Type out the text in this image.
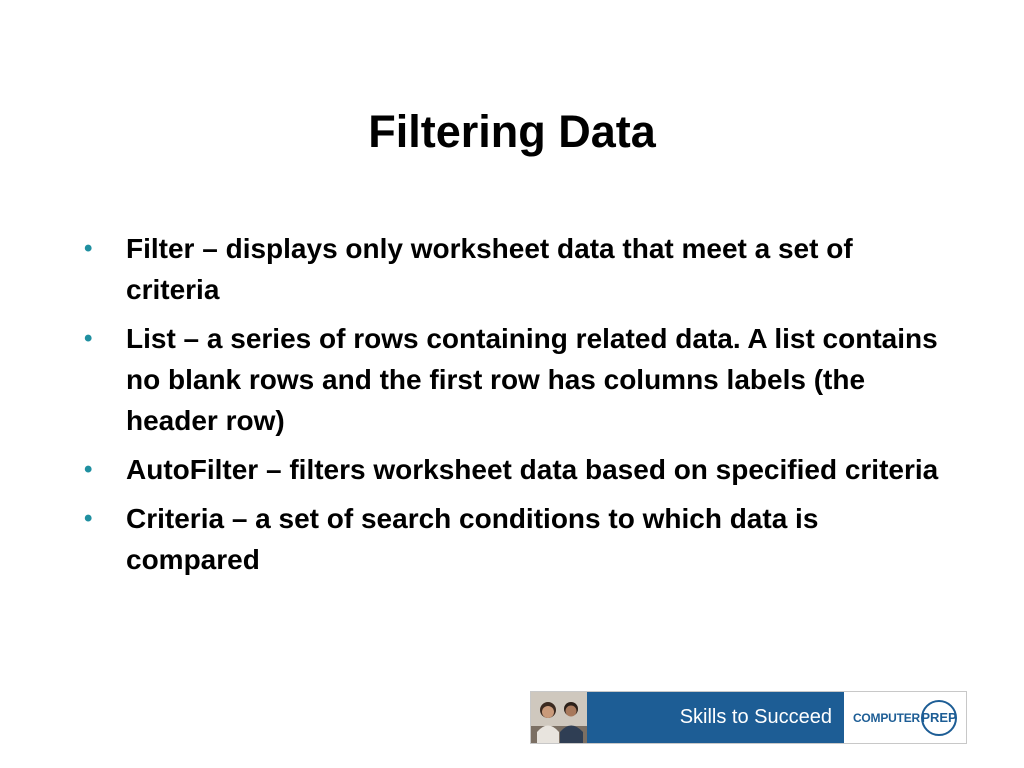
Filtering Data
• Filter – displays only worksheet data that meet a set of criteria
• List – a series of rows containing related data. A list contains no blank rows and the first row has columns labels (the header row)
• AutoFilter – filters worksheet data based on specified criteria
• Criteria – a set of search conditions to which data is compared
Skills to Succeed	COMPUTER PREP
